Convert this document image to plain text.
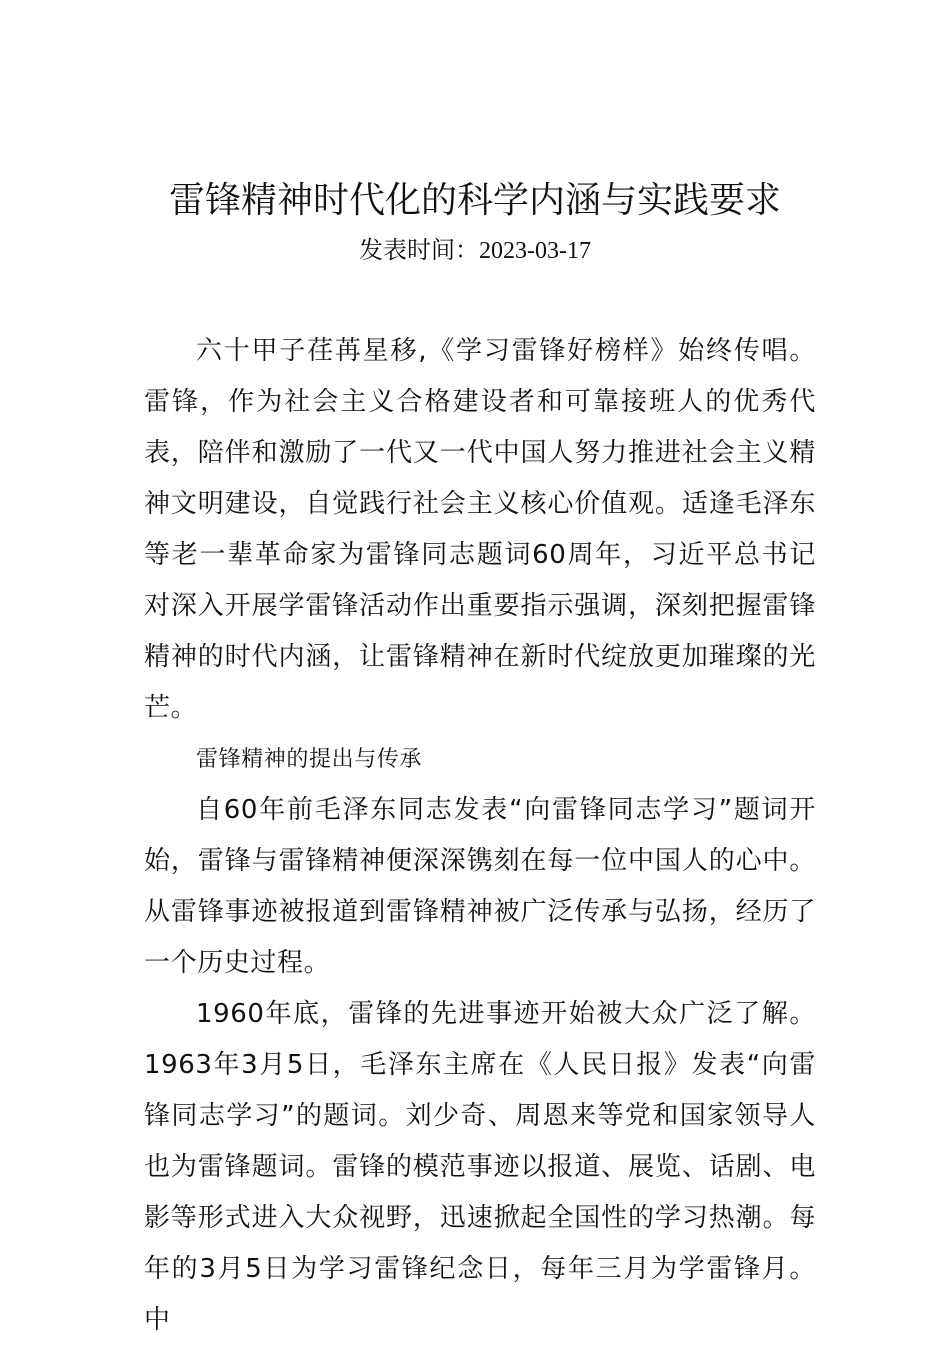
雷锋精神时代化的科学内涵与实践要求
发表时间：2023-03-17

六十甲子荏苒星移,《学习雷锋好榜样》始终传唱。雷锋，作为社会主义合格建设者和可靠接班人的优秀代表，陪伴和激励了一代又一代中国人努力推进社会主义精神文明建设，自觉践行社会主义核心价值观。适逢毛泽东等老一辈革命家为雷锋同志题词60周年，习近平总书记对深入开展学雷锋活动作出重要指示强调，深刻把握雷锋精神的时代内涵，让雷锋精神在新时代绽放更加璀璨的光芒。

雷锋精神的提出与传承

自60年前毛泽东同志发表“向雷锋同志学习”题词开始，雷锋与雷锋精神便深深镌刻在每一位中国人的心中。从雷锋事迹被报道到雷锋精神被广泛传承与弘扬，经历了一个历史过程。

1960年底，雷锋的先进事迹开始被大众广泛了解。1963年3月5日，毛泽东主席在《人民日报》发表“向雷锋同志学习”的题词。刘少奇、周恩来等党和国家领导人也为雷锋题词。雷锋的模范事迹以报道、展览、话剧、电影等形式进入大众视野，迅速掀起全国性的学习热潮。每年的3月5日为学习雷锋纪念日，每年三月为学雷锋月。中
